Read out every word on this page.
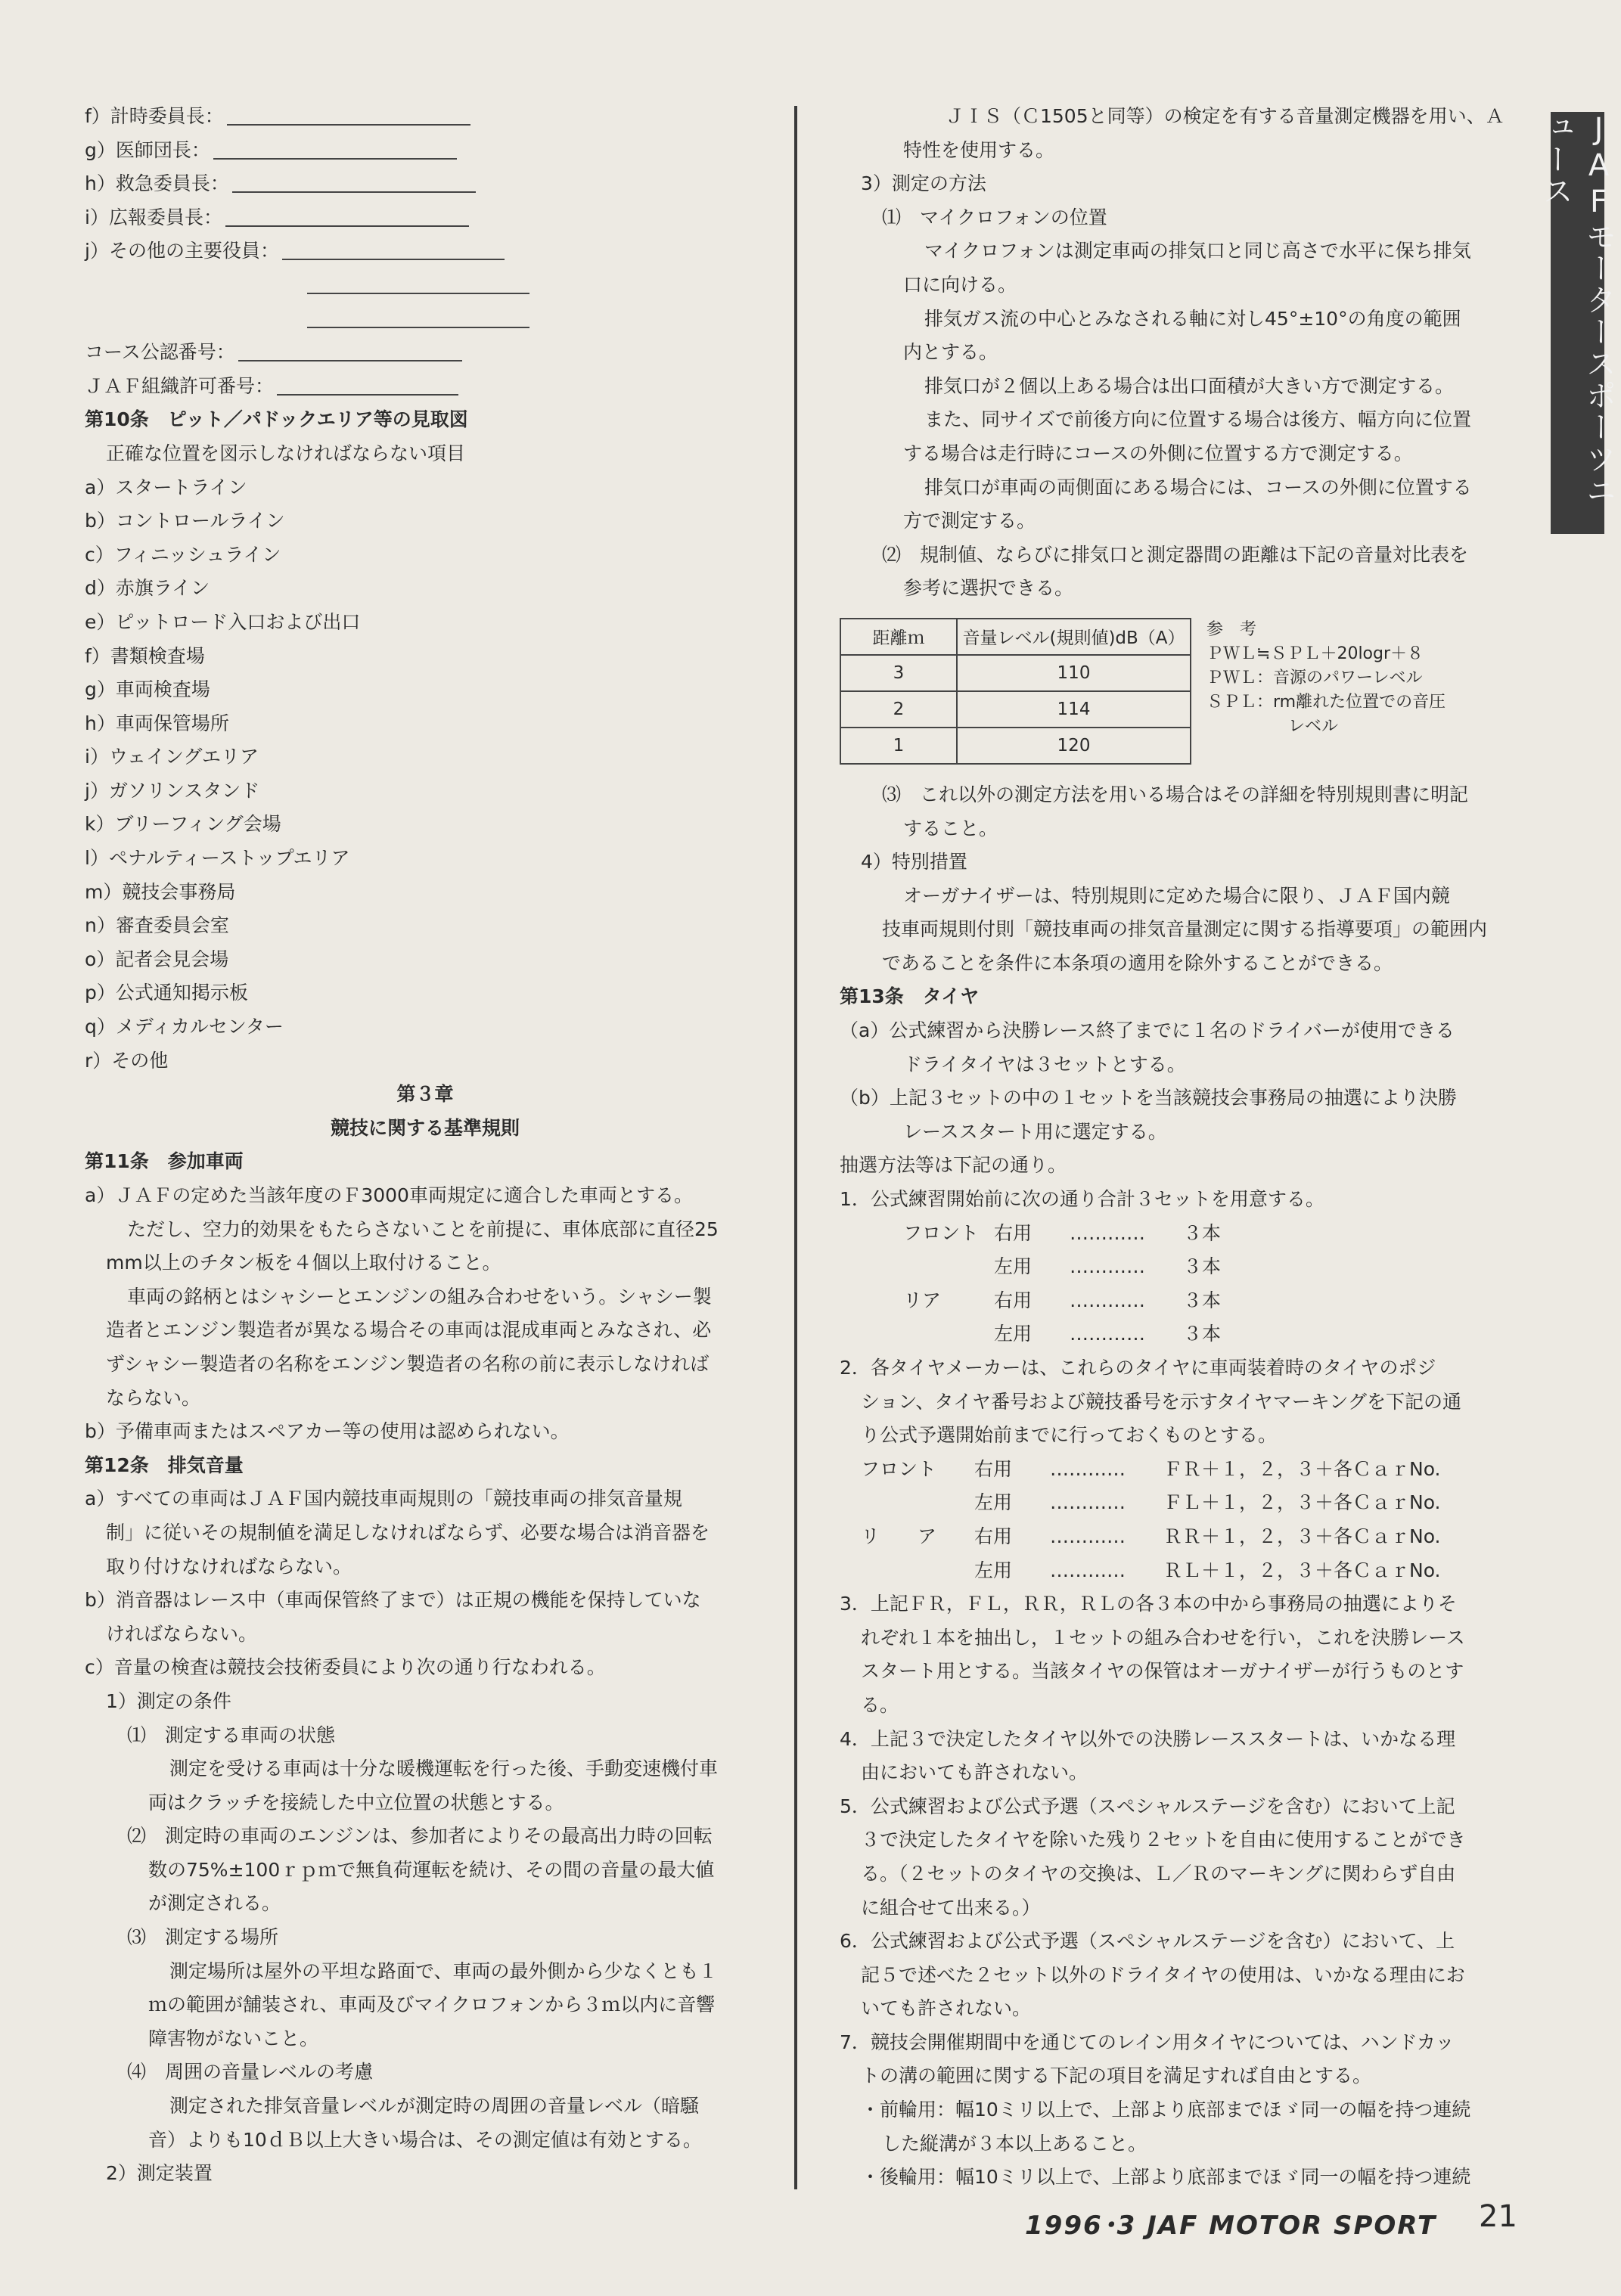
JAFモータースポーツニュース
f）計時委員長：
g）医師団長：
h）救急委員長：
i）広報委員長：
j）その他の主要役員：
コース公認番号：
ＪＡＦ組織許可番号：
第10条　ピット／パドックエリア等の見取図
正確な位置を図示しなければならない項目
a）スタートライン
b）コントロールライン
c）フィニッシュライン
d）赤旗ライン
e）ピットロード入口および出口
f）書類検査場
g）車両検査場
h）車両保管場所
i）ウェイングエリア
j）ガソリンスタンド
k）ブリーフィング会場
l）ペナルティーストップエリア
m）競技会事務局
n）審査委員会室
o）記者会見会場
p）公式通知掲示板
q）メディカルセンター
r）その他
第３章
競技に関する基準規則
第11条　参加車両
a）ＪＡＦの定めた当該年度のＦ3000車両規定に適合した車両とする。
ただし、空力的効果をもたらさないことを前提に、車体底部に直径25
mm以上のチタン板を４個以上取付けること。
車両の銘柄とはシャシーとエンジンの組み合わせをいう。シャシー製
造者とエンジン製造者が異なる場合その車両は混成車両とみなされ、必
ずシャシー製造者の名称をエンジン製造者の名称の前に表示しなければ
ならない。
b）予備車両またはスペアカー等の使用は認められない。
第12条　排気音量
a）すべての車両はＪＡＦ国内競技車両規則の「競技車両の排気音量規
制」に従いその規制値を満足しなければならず、必要な場合は消音器を
取り付けなければならない。
b）消音器はレース中（車両保管終了まで）は正規の機能を保持していな
ければならない。
c）音量の検査は競技会技術委員により次の通り行なわれる。
1）測定の条件
⑴　測定する車両の状態
測定を受ける車両は十分な暖機運転を行った後、手動変速機付車
両はクラッチを接続した中立位置の状態とする。
⑵　測定時の車両のエンジンは、参加者によりその最高出力時の回転
数の75%±100ｒｐｍで無負荷運転を続け、その間の音量の最大値
が測定される。
⑶　測定する場所
測定場所は屋外の平坦な路面で、車両の最外側から少なくとも１
ｍの範囲が舗装され、車両及びマイクロフォンから３ｍ以内に音響
障害物がないこと。
⑷　周囲の音量レベルの考慮
測定された排気音量レベルが測定時の周囲の音量レベル（暗騒
音）よりも10ｄＢ以上大きい場合は、その測定値は有効とする。
2）測定装置
ＪＩＳ（Ｃ1505と同等）の検定を有する音量測定機器を用い、Ａ
特性を使用する。
3）測定の方法
⑴　マイクロフォンの位置
マイクロフォンは測定車両の排気口と同じ高さで水平に保ち排気
口に向ける。
排気ガス流の中心とみなされる軸に対し45°±10°の角度の範囲
内とする。
排気口が２個以上ある場合は出口面積が大きい方で測定する。
また、同サイズで前後方向に位置する場合は後方、幅方向に位置
する場合は走行時にコースの外側に位置する方で測定する。
排気口が車両の両側面にある場合には、コースの外側に位置する
方で測定する。
⑵　規制値、ならびに排気口と測定器間の距離は下記の音量対比表を
参考に選択できる。
距離ｍ	音量レベル(規則値)dB（A）
3	110
2	114
1	120
参　考
ＰＷＬ≒ＳＰＬ＋20logr＋８
ＰＷＬ：音源のパワーレベル
ＳＰＬ：rm離れた位置での音圧
レベル
⑶　これ以外の測定方法を用いる場合はその詳細を特別規則書に明記
すること。
4）特別措置
オーガナイザーは、特別規則に定めた場合に限り、ＪＡＦ国内競
技車両規則付則「競技車両の排気音量測定に関する指導要項」の範囲内
であることを条件に本条項の適用を除外することができる。
第13条　タイヤ
（a）公式練習から決勝レース終了までに１名のドライバーが使用できる
ドライタイヤは３セットとする。
（b）上記３セットの中の１セットを当該競技会事務局の抽選により決勝
レーススタート用に選定する。
抽選方法等は下記の通り。
1．公式練習開始前に次の通り合計３セットを用意する。
フロント 右用 ………… ３本
左用 ………… ３本
リア	右用 ………… ３本
左用 ………… ３本
2．各タイヤメーカーは、これらのタイヤに車両装着時のタイヤのポジ
ション、タイヤ番号および競技番号を示すタイヤマーキングを下記の通
り公式予選開始前までに行っておくものとする。
フロント 右用 ………… ＦＲ＋１，２，３＋各ＣａｒNo.
左用 ………… ＦＬ＋１，２，３＋各ＣａｒNo.
リ　　ア 右用 ………… ＲＲ＋１，２，３＋各ＣａｒNo.
左用 ………… ＲＬ＋１，２，３＋各ＣａｒNo.
3．上記ＦＲ，ＦＬ，ＲＲ，ＲＬの各３本の中から事務局の抽選によりそ
れぞれ１本を抽出し，１セットの組み合わせを行い，これを決勝レース
スタート用とする。当該タイヤの保管はオーガナイザーが行うものとす
る。
4．上記３で決定したタイヤ以外での決勝レーススタートは、いかなる理
由においても許されない。
5．公式練習および公式予選（スペシャルステージを含む）において上記
３で決定したタイヤを除いた残り２セットを自由に使用することができ
る。（２セットのタイヤの交換は、Ｌ／Ｒのマーキングに関わらず自由
に組合せて出来る。）
6．公式練習および公式予選（スペシャルステージを含む）において、上
記５で述べた２セット以外のドライタイヤの使用は、いかなる理由にお
いても許されない。
7．競技会開催期間中を通じてのレイン用タイヤについては、ハンドカッ
トの溝の範囲に関する下記の項目を満足すれば自由とする。
・前輪用：幅10ミリ以上で、上部より底部までほゞ同一の幅を持つ連続
した縦溝が３本以上あること。
・後輪用：幅10ミリ以上で、上部より底部までほゞ同一の幅を持つ連続
1996･3 JAF MOTOR SPORT 21
